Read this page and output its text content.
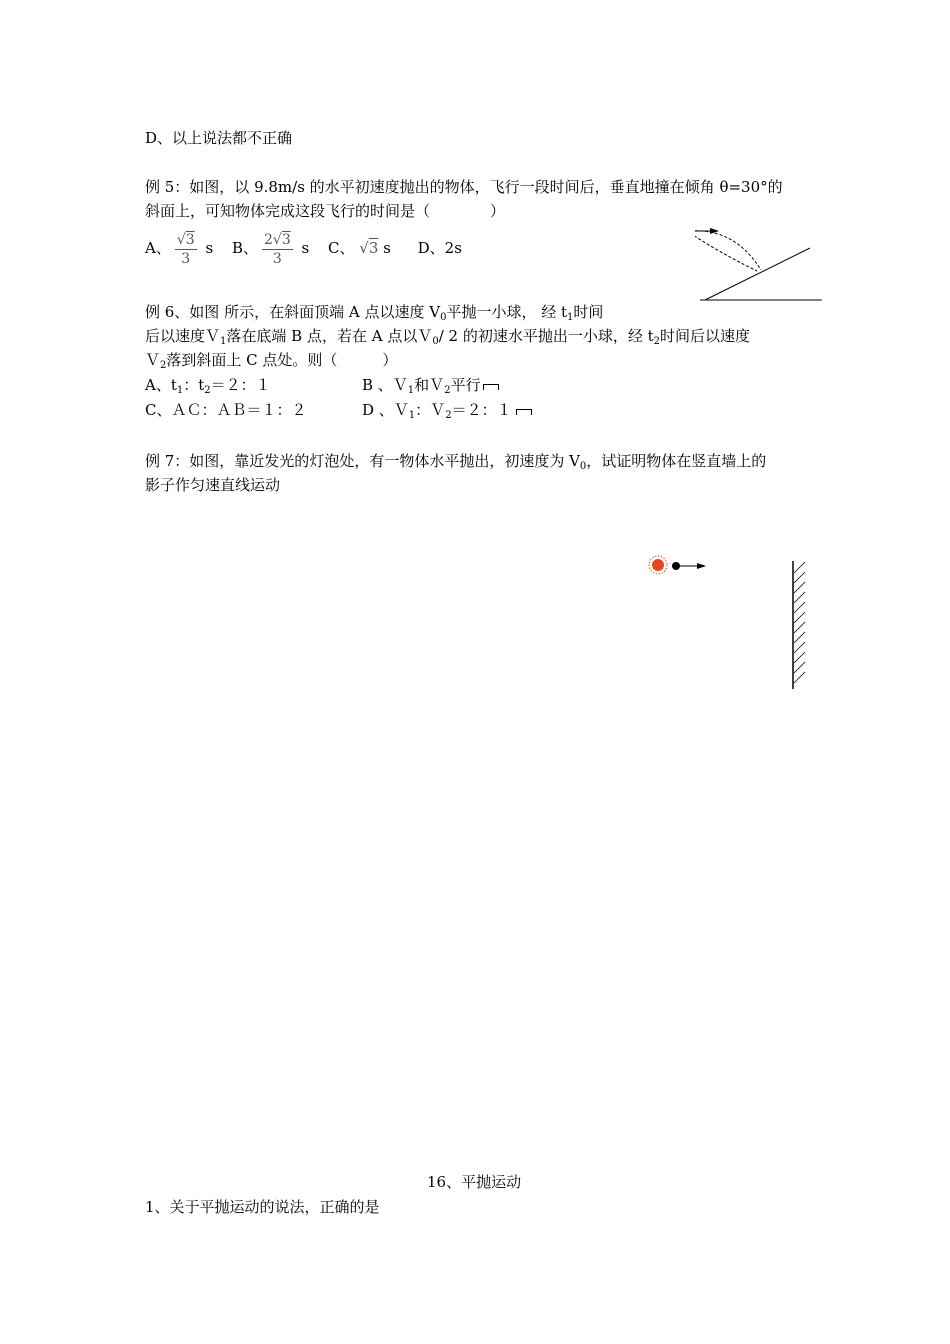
D、以上说法都不正确
例 5：如图，以 9.8m/s 的水平初速度抛出的物体，飞行一段时间后，垂直地撞在倾角 θ=30°的
斜面上，可知物体完成这段飞行的时间是（　　　　）
A、 $\frac{√3}{3}$ s B、 $\frac{2√3}{3}$ s C、 √3 s D、2s
例 6、如图 所示，在斜面顶端 A 点以速度 $V_0$平抛一小球， 经 $t_1$时间
后以速度Ｖ$_1$落在底端 B 点，若在 A 点以Ｖ$_0$/ 2 的初速水平抛出一小球，经 $t_2$时间后以速度
Ｖ$_2$落到斜面上 C 点处。则（　　　）
A、$t_1$：$t_2=2$：１	B 、Ｖ$_1$和Ｖ$_2$平行
C、ＡＣ：ＡＢ＝１：２	D 、Ｖ$_1$：Ｖ$_2$＝２：１
例 7：如图，靠近发光的灯泡处，有一物体水平抛出，初速度为 $V_0$，试证明物体在竖直墙上的
影子作匀速直线运动
16、平抛运动
1、关于平抛运动的说法，正确的是
